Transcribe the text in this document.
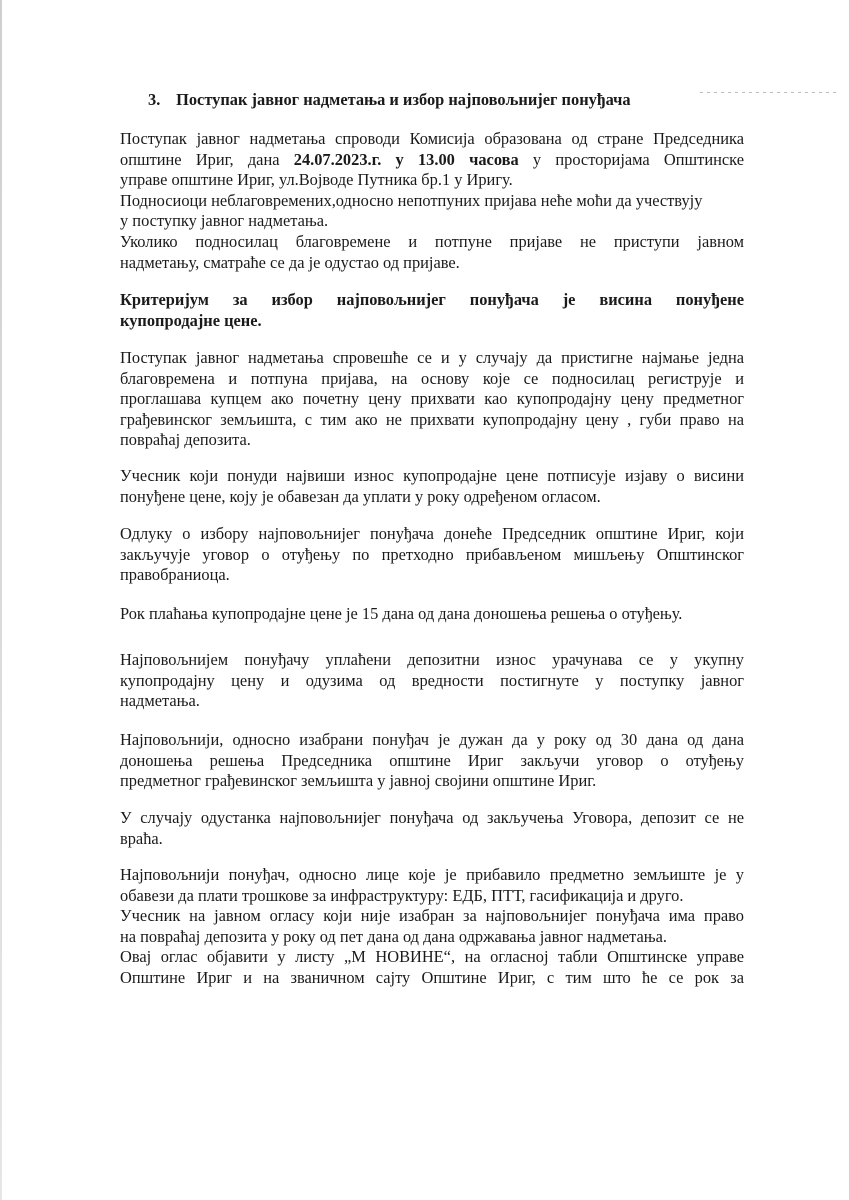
3. Поступак јавног надметања и избор најповољнијег понуђача
Поступак јавног надметања спроводи Комисија образована од стране Председника
општине Ириг, дана 24.07.2023.г. у 13.00 часова у просторијама Општинске
управе општине Ириг, ул.Војводе Путника бр.1 у Иригу.
Подносиоци неблаговремених,односно непотпуних пријава неће моћи да учествују
у поступку јавног надметања.
Уколико подносилац благовремене и потпуне пријаве не приступи јавном
надметању, сматраће се да је одустао од пријаве.
Критеријум за избор најповољнијег понуђача је висина понуђене
купопродајне цене.
Поступак јавног надметања спровешће се и у случају да пристигне најмање једна
благовремена и потпуна пријава, на основу које се подносилац региструје и
проглашава купцем ако почетну цену прихвати као купопродајну цену предметног
грађевинског земљишта, с тим ако не прихвати купопродајну цену , губи право на
повраћај депозита.
Учесник који понуди највиши износ купопродајне цене потписује изјаву о висини
понуђене цене, коју је обавезан да уплати у року одређеном огласом.
Одлуку о избору најповољнијег понуђача донеће Председник општине Ириг, који
закључује уговор о отуђењу по претходно прибављеном мишљењу Општинског
правобраниоца.
Рок плаћања купопродајне цене је 15 дана од дана доношења решења о отуђењу.
Најповољнијем понуђачу уплаћени депозитни износ урачунава се у укупну
купопродајну цену и одузима од вредности постигнуте у поступку јавног
надметања.
Најповољнији, односно изабрани понуђач је дужан да у року од 30 дана од дана
доношења решења Председника општине Ириг закључи уговор о отуђењу
предметног грађевинског земљишта у јавној својини општине Ириг.
У случају одустанка најповољнијег понуђача од закључења Уговора, депозит се не
враћа.
Најповољнији понуђач, односно лице које је прибавило предметно земљиште је у
обавези да плати трошкове за инфраструктуру: ЕДБ, ПТТ, гасификација и друго.
Учесник на јавном огласу који није изабран за најповољнијег понуђача има право
на повраћај депозита у року од пет дана од дана одржавања јавног надметања.
Овај оглас објавити у листу „М НОВИНЕ“, на огласној табли Општинске управе
Општине Ириг и на званичном сајту Општине Ириг, с тим што ће се рок за
